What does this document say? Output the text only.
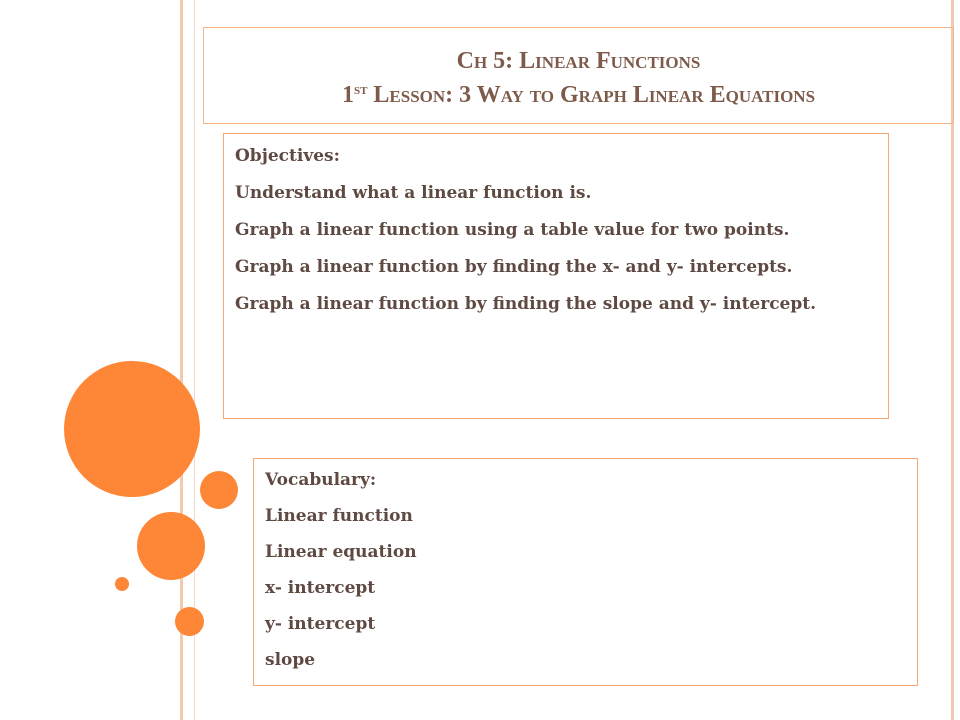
Ch 5: Linear Functions
1st Lesson: 3 Way to Graph Linear Equations
Objectives:
Understand what a linear function is.
Graph a linear function using a table value for two points.
Graph a linear function by finding the x- and y- intercepts.
Graph a linear function by finding the slope and y- intercept.
Vocabulary:
Linear function
Linear equation
x- intercept
y- intercept
slope
